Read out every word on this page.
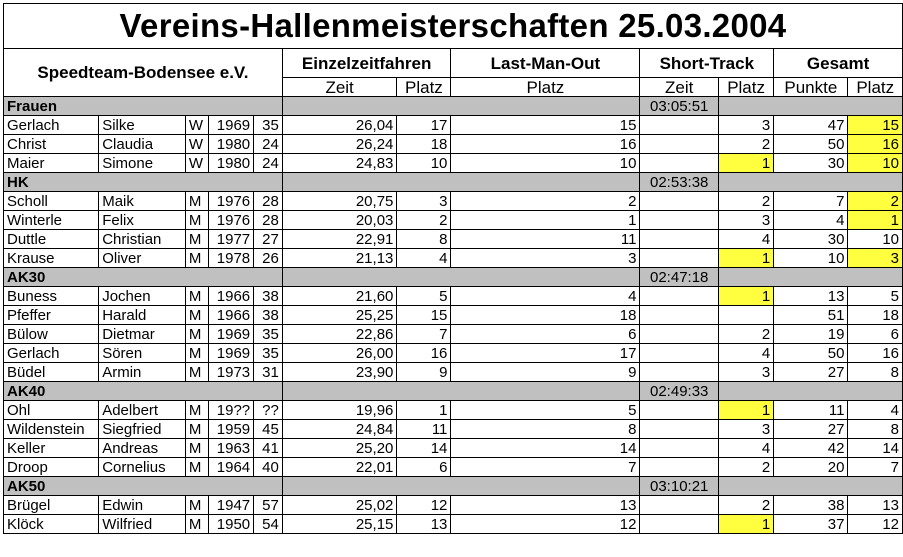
Vereins-Hallenmeisterschaften 25.03.2004											
Speedteam-Bodensee e.V.					Einzelzeitfahren		Last-Man-Out	Short-Track		Gesamt	
					Zeit	Platz	Platz	Zeit	Platz	Punkte	Platz
Frauen								03:05:51			
Gerlach	Silke	W	1969	35	26,04	17	15		3	47	15
Christ	Claudia	W	1980	24	26,24	18	16		2	50	16
Maier	Simone	W	1980	24	24,83	10	10		1	30	10
HK								02:53:38			
Scholl	Maik	M	1976	28	20,75	3	2		2	7	2
Winterle	Felix	M	1976	28	20,03	2	1		3	4	1
Duttle	Christian	M	1977	27	22,91	8	11		4	30	10
Krause	Oliver	M	1978	26	21,13	4	3		1	10	3
AK30								02:47:18			
Buness	Jochen	M	1966	38	21,60	5	4		1	13	5
Pfeffer	Harald	M	1966	38	25,25	15	18			51	18
Bülow	Dietmar	M	1969	35	22,86	7	6		2	19	6
Gerlach	Sören	M	1969	35	26,00	16	17		4	50	16
Büdel	Armin	M	1973	31	23,90	9	9		3	27	8
AK40								02:49:33			
Ohl	Adelbert	M	19??	??	19,96	1	5		1	11	4
Wildenstein	Siegfried	M	1959	45	24,84	11	8		3	27	8
Keller	Andreas	M	1963	41	25,20	14	14		4	42	14
Droop	Cornelius	M	1964	40	22,01	6	7		2	20	7
AK50								03:10:21			
Brügel	Edwin	M	1947	57	25,02	12	13		2	38	13
Klöck	Wilfried	M	1950	54	25,15	13	12		1	37	12
